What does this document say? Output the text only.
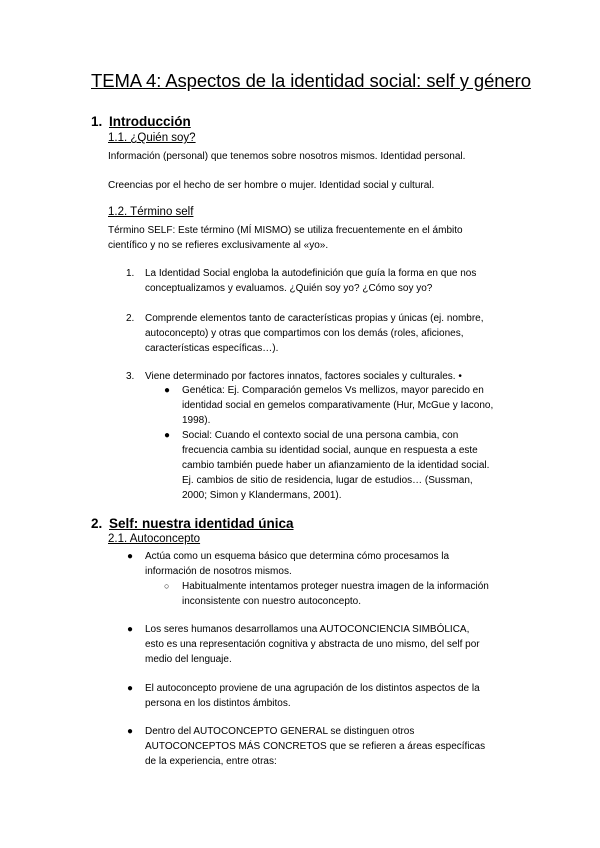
TEMA 4: Aspectos de la identidad social: self y género
1. Introducción
1.1. ¿Quién soy?
Información (personal) que tenemos sobre nosotros mismos. Identidad personal.
Creencias por el hecho de ser hombre o mujer. Identidad social y cultural.
1.2. Término self
Término SELF: Este término (MÍ MISMO) se utiliza frecuentemente en el ámbito
científico y no se refieres exclusivamente al «yo».
1. La Identidad Social engloba la autodefinición que guía la forma en que nos
conceptualizamos y evaluamos. ¿Quién soy yo? ¿Cómo soy yo?
2. Comprende elementos tanto de características propias y únicas (ej. nombre,
autoconcepto) y otras que compartimos con los demás (roles, aficiones,
características específicas…).
3. Viene determinado por factores innatos, factores sociales y culturales. •
● Genética: Ej. Comparación gemelos Vs mellizos, mayor parecido en
identidad social en gemelos comparativamente (Hur, McGue y Iacono,
1998).
● Social: Cuando el contexto social de una persona cambia, con
frecuencia cambia su identidad social, aunque en respuesta a este
cambio también puede haber un afianzamiento de la identidad social.
Ej. cambios de sitio de residencia, lugar de estudios… (Sussman,
2000; Simon y Klandermans, 2001).
2. Self: nuestra identidad única
2.1. Autoconcepto
● Actúa como un esquema básico que determina cómo procesamos la
información de nosotros mismos.
○ Habitualmente intentamos proteger nuestra imagen de la información
inconsistente con nuestro autoconcepto.
● Los seres humanos desarrollamos una AUTOCONCIENCIA SIMBÓLICA,
esto es una representación cognitiva y abstracta de uno mismo, del self por
medio del lenguaje.
● El autoconcepto proviene de una agrupación de los distintos aspectos de la
persona en los distintos ámbitos.
● Dentro del AUTOCONCEPTO GENERAL se distinguen otros
AUTOCONCEPTOS MÁS CONCRETOS que se refieren a áreas específicas
de la experiencia, entre otras:
